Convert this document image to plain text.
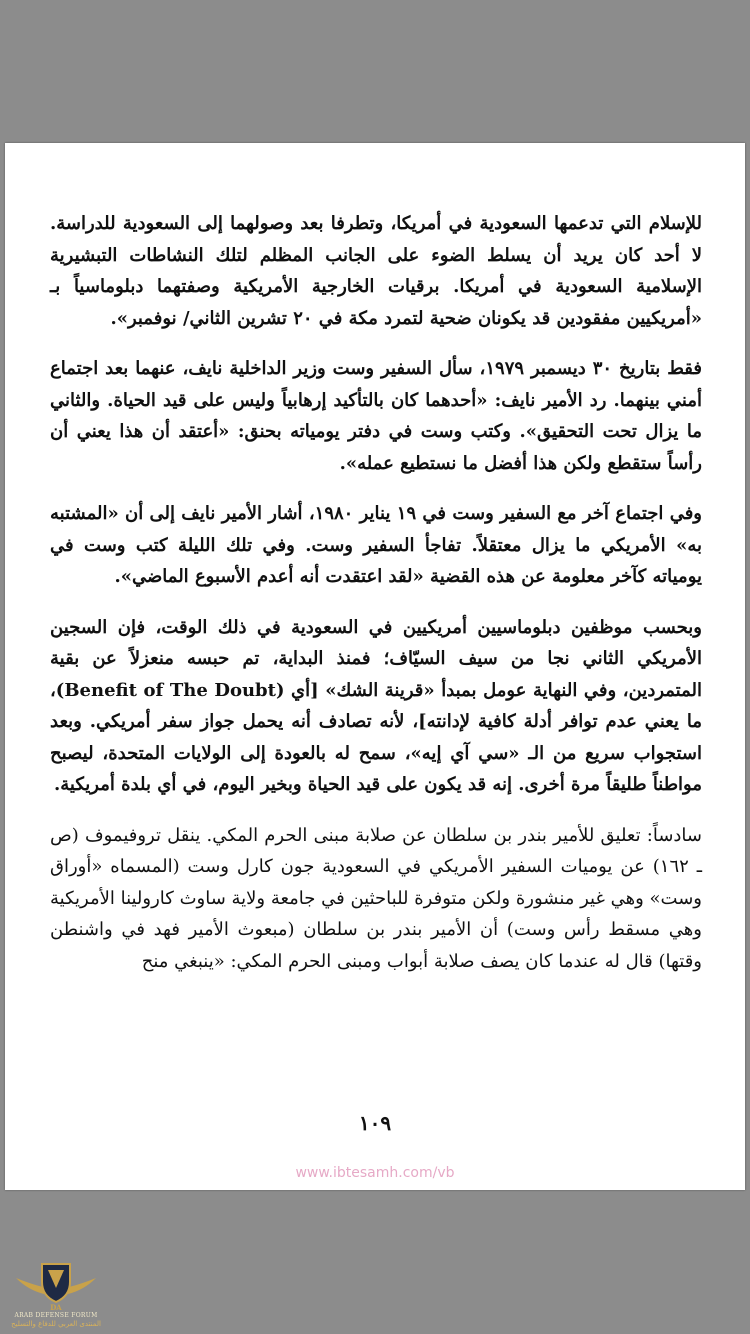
للإسلام التي تدعمها السعودية في أمريكا، وتطرفا بعد وصولهما إلى السعودية للدراسة. لا أحد كان يريد أن يسلط الضوء على الجانب المظلم لتلك النشاطات التبشيرية الإسلامية السعودية في أمريكا. برقيات الخارجية الأمريكية وصفتهما دبلوماسياً بـ «أمريكيين مفقودين قد يكونان ضحية لتمرد مكة في ٢٠ تشرين الثاني/ نوفمبر».

فقط بتاريخ ٣٠ ديسمبر ١٩٧٩، سأل السفير وست وزير الداخلية نايف، عنهما بعد اجتماع أمني بينهما. رد الأمير نايف: «أحدهما كان بالتأكيد إرهابياً وليس على قيد الحياة. والثاني ما يزال تحت التحقيق». وكتب وست في دفتر يومياته بحنق: «أعتقد أن هذا يعني أن رأساً ستقطع ولكن هذا أفضل ما نستطيع عمله».

وفي اجتماع آخر مع السفير وست في ١٩ يناير ١٩٨٠، أشار الأمير نايف إلى أن «المشتبه به» الأمريكي ما يزال معتقلاً. تفاجأ السفير وست. وفي تلك الليلة كتب وست في يومياته كآخر معلومة عن هذه القضية «لقد اعتقدت أنه أعدم الأسبوع الماضي».

وبحسب موظفين دبلوماسيين أمريكيين في السعودية في ذلك الوقت، فإن السجين الأمريكي الثاني نجا من سيف السيّاف؛ فمنذ البداية، تم حبسه منعزلاً عن بقية المتمردين، وفي النهاية عومل بمبدأ «قرينة الشك» [أي (Benefit of The Doubt)، ما يعني عدم توافر أدلة كافية لإدانته]، لأنه تصادف أنه يحمل جواز سفر أمريكي. وبعد استجواب سريع من الـ «سي آي إيه»، سمح له بالعودة إلى الولايات المتحدة، ليصبح مواطناً طليقاً مرة أخرى. إنه قد يكون على قيد الحياة وبخير اليوم، في أي بلدة أمريكية.

سادساً: تعليق للأمير بندر بن سلطان عن صلابة مبنى الحرم المكي. ينقل تروفيموف (ص ـ ١٦٢) عن يوميات السفير الأمريكي في السعودية جون كارل وست (المسماه «أوراق وست» وهي غير منشورة ولكن متوفرة للباحثين في جامعة ولاية ساوث كارولينا الأمريكية وهي مسقط رأس وست) أن الأمير بندر بن سلطان (مبعوث الأمير فهد في واشنطن وقتها) قال له عندما كان يصف صلابة أبواب ومبنى الحرم المكي: «ينبغي منح

١٠٩
www.ibtesamh.com/vb
DA
ARAB DEFENSE FORUM
المنتدى العربي للدفاع والتسليح
